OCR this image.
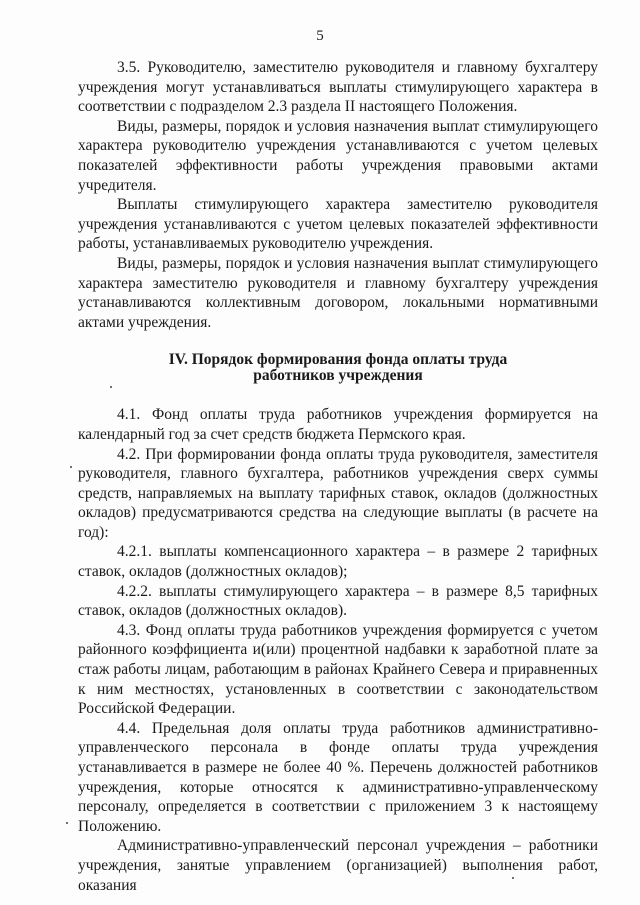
5

3.5. Руководителю, заместителю руководителя и главному бухгалтеру учреждения могут устанавливаться выплаты стимулирующего характера в соответствии с подразделом 2.3 раздела II настоящего Положения.

Виды, размеры, порядок и условия назначения выплат стимулирующего характера руководителю учреждения устанавливаются с учетом целевых показателей эффективности работы учреждения правовыми актами учредителя.

Выплаты стимулирующего характера заместителю руководителя учреждения устанавливаются с учетом целевых показателей эффективности работы, устанавливаемых руководителю учреждения.

Виды, размеры, порядок и условия назначения выплат стимулирующего характера заместителю руководителя и главному бухгалтеру учреждения устанавливаются коллективным договором, локальными нормативными актами учреждения.

IV. Порядок формирования фонда оплаты труда
работников учреждения

4.1. Фонд оплаты труда работников учреждения формируется на календарный год за счет средств бюджета Пермского края.

4.2. При формировании фонда оплаты труда руководителя, заместителя руководителя, главного бухгалтера, работников учреждения сверх суммы средств, направляемых на выплату тарифных ставок, окладов (должностных окладов) предусматриваются средства на следующие выплаты (в расчете на год):

4.2.1. выплаты компенсационного характера – в размере 2 тарифных ставок, окладов (должностных окладов);

4.2.2. выплаты стимулирующего характера – в размере 8,5 тарифных ставок, окладов (должностных окладов).

4.3. Фонд оплаты труда работников учреждения формируется с учетом районного коэффициента и(или) процентной надбавки к заработной плате за стаж работы лицам, работающим в районах Крайнего Севера и приравненных к ним местностях, установленных в соответствии с законодательством Российской Федерации.

4.4. Предельная доля оплаты труда работников административно-управленческого персонала в фонде оплаты труда учреждения устанавливается в размере не более 40 %. Перечень должностей работников учреждения, которые относятся к административно-управленческому персоналу, определяется в соответствии с приложением 3 к настоящему Положению.

Административно-управленческий персонал учреждения – работники учреждения, занятые управлением (организацией) выполнения работ, оказания
